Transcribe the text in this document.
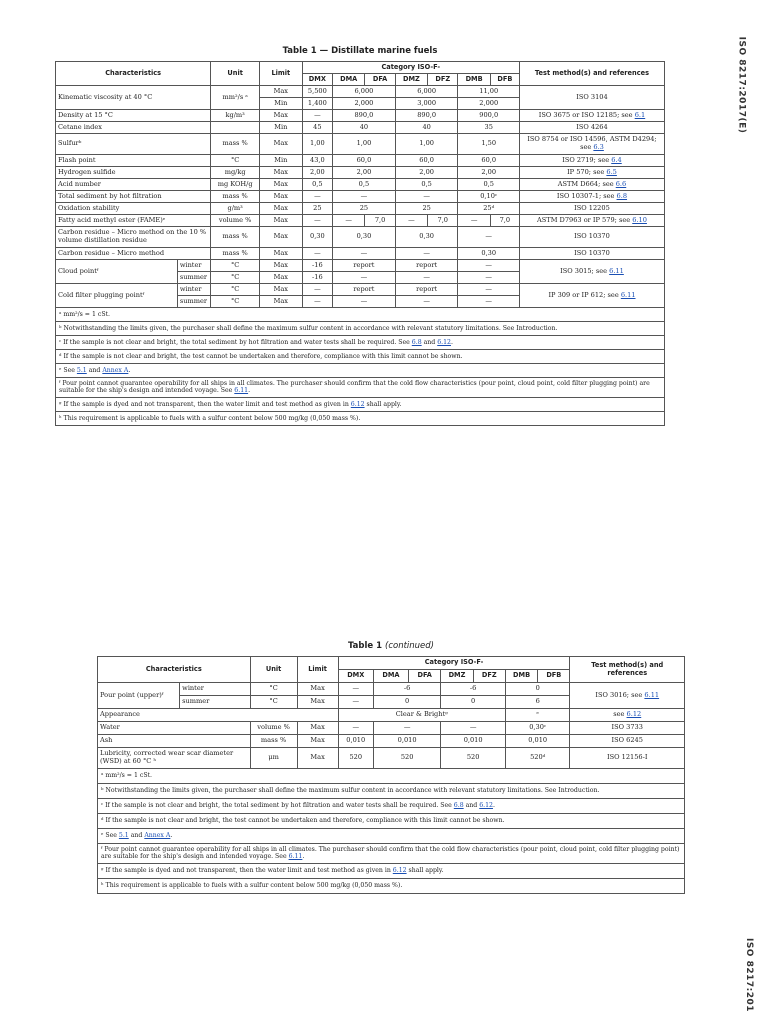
ISO 8217:2017(E)
ISO 8217:201
Table 1 — Distillate marine fuels
Characteristics		Unit	Limit	Category ISO-F-							Test method(s) and references
				DMX	DMA	DFA	DMZ	DFZ	DMB	DFB	
Kinematic viscosity at 40 °C		mm²/s ᵃ	Max	5,500	6,000		6,000		11,00		ISO 3104
			Min	1,400	2,000		3,000		2,000		
Density at 15 °C		kg/m³	Max	—	890,0		890,0		900,0		ISO 3675 or ISO 12185; see 6.1
Cetane index			Min	45	40		40		35		ISO 4264
Sulfurᵇ		mass %	Max	1,00	1,00		1,00		1,50		ISO 8754 or ISO 14596, ASTM D4294; see 6.3
Flash point		°C	Min	43,0	60,0		60,0		60,0		ISO 2719; see 6.4
Hydrogen sulfide		mg/kg	Max	2,00	2,00		2,00		2,00		IP 570; see 6.5
Acid number		mg KOH/g	Max	0,5	0,5		0,5		0,5		ASTM D664; see 6.6
Total sediment by hot filtration		mass %	Max	—	—		—		0,10ᶜ		ISO 10307-1; see 6.8
Oxidation stability		g/m³	Max	25	25		25		25ᵈ		ISO 12205
Fatty acid methyl ester (FAME)ᵉ		volume %	Max	—	—	7,0	—	7,0	—	7,0	ASTM D7963 or IP 579; see 6.10
Carbon residue – Micro method on the 10 % volume distillation residue		mass %	Max	0,30	0,30		0,30		—		ISO 10370
Carbon residue – Micro method		mass %	Max	—	—		—		0,30		ISO 10370
Cloud pointᶠ	winter	°C	Max	-16	report		report		—		ISO 3015; see 6.11
	summer	°C	Max	-16	—		—		—		
Cold filter plugging pointᶠ	winter	°C	Max	—	report		report		—		IP 309 or IP 612; see 6.11
	summer	°C	Max	—	—		—		—		
ᵃ mm²/s = 1 cSt.											
ᵇ Notwithstanding the limits given, the purchaser shall define the maximum sulfur content in accordance with relevant statutory limitations. See Introduction.											
ᶜ If the sample is not clear and bright, the total sediment by hot filtration and water tests shall be required. See 6.8 and 6.12.											
ᵈ If the sample is not clear and bright, the test cannot be undertaken and therefore, compliance with this limit cannot be shown.											
ᵉ See 5.1 and Annex A.											
ᶠ Pour point cannot guarantee operability for all ships in all climates. The purchaser should confirm that the cold flow characteristics (pour point, cloud point, cold filter plugging point) are suitable for the ship's design and intended voyage. See 6.11.											
ᵍ If the sample is dyed and not transparent, then the water limit and test method as given in 6.12 shall apply.											
ʰ This requirement is applicable to fuels with a sulfur content below 500 mg/kg (0,050 mass %).											
Table 1 (continued)
Characteristics		Unit	Limit	Category ISO-F-							Test method(s) and references
				DMX	DMA	DFA	DMZ	DFZ	DMB	DFB	
Pour point (upper)ᶠ	winter	°C	Max	—	-6		-6		0		ISO 3016; see 6.11
	summer	°C	Max	—	0		0		6		
Appearance				Clear & Brightᵍ					ᵉ		see 6.12
Water		volume %	Max	—	—		—		0,30ᶜ		ISO 3733
Ash		mass %	Max	0,010	0,010		0,010		0,010		ISO 6245
Lubricity, corrected wear scar diameter (WSD) at 60 °C ʰ		μm	Max	520	520		520		520ᵈ		ISO 12156-I
ᵃ mm²/s = 1 cSt.											
ᵇ Notwithstanding the limits given, the purchaser shall define the maximum sulfur content in accordance with relevant statutory limitations. See Introduction.											
ᶜ If the sample is not clear and bright, the total sediment by hot filtration and water tests shall be required. See 6.8 and 6.12.											
ᵈ If the sample is not clear and bright, the test cannot be undertaken and therefore, compliance with this limit cannot be shown.											
ᵉ See 5.1 and Annex A.											
ᶠ Pour point cannot guarantee operability for all ships in all climates. The purchaser should confirm that the cold flow characteristics (pour point, cloud point, cold filter plugging point) are suitable for the ship's design and intended voyage. See 6.11.											
ᵍ If the sample is dyed and not transparent, then the water limit and test method as given in 6.12 shall apply.											
ʰ This requirement is applicable to fuels with a sulfur content below 500 mg/kg (0,050 mass %).											
